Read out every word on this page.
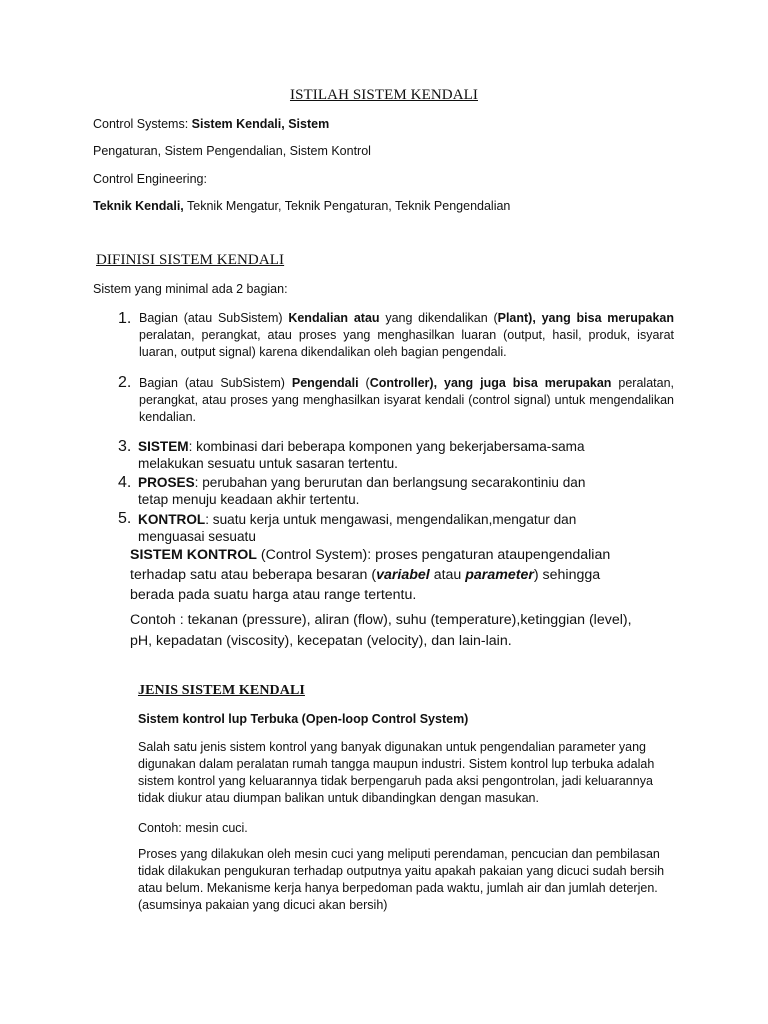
ISTILAH SISTEM KENDALI
Control Systems: Sistem Kendali, Sistem
Pengaturan, Sistem Pengendalian, Sistem Kontrol
Control Engineering:
Teknik Kendali, Teknik Mengatur, Teknik Pengaturan, Teknik Pengendalian
DIFINISI SISTEM KENDALI
Sistem yang minimal ada 2 bagian:
1. Bagian (atau SubSistem) Kendalian atau yang dikendalikan (Plant), yang bisa merupakan peralatan, perangkat, atau proses yang menghasilkan luaran (output, hasil, produk, isyarat luaran, output signal) karena dikendalikan oleh bagian pengendali.
2. Bagian (atau SubSistem) Pengendali (Controller), yang juga bisa merupakan peralatan, perangkat, atau proses yang menghasilkan isyarat kendali (control signal) untuk mengendalikan kendalian.
3. SISTEM: kombinasi dari beberapa komponen yang bekerjabersama-sama
melakukan sesuatu untuk sasaran tertentu.
4. PROSES: perubahan yang berurutan dan berlangsung secarakontiniu dan
tetap menuju keadaan akhir tertentu.
5. KONTROL: suatu kerja untuk mengawasi, mengendalikan,mengatur dan
menguasai sesuatu
SISTEM KONTROL (Control System): proses pengaturan ataupengendalian
terhadap satu atau beberapa besaran (variabel atau parameter) sehingga
berada pada suatu harga atau range tertentu.
Contoh : tekanan (pressure), aliran (flow), suhu (temperature),ketinggian (level),
pH, kepadatan (viscosity), kecepatan (velocity), dan lain-lain.
JENIS SISTEM KENDALI
Sistem kontrol lup Terbuka (Open-loop Control System)
Salah satu jenis sistem kontrol yang banyak digunakan untuk pengendalian parameter yang digunakan dalam peralatan rumah tangga maupun industri. Sistem kontrol lup terbuka adalah sistem kontrol yang keluarannya tidak berpengaruh pada aksi pengontrolan, jadi keluarannya tidak diukur atau diumpan balikan untuk dibandingkan dengan masukan.
Contoh: mesin cuci.
Proses yang dilakukan oleh mesin cuci yang meliputi perendaman, pencucian dan pembilasan tidak dilakukan pengukuran terhadap outputnya yaitu apakah pakaian yang dicuci sudah bersih atau belum. Mekanisme kerja hanya berpedoman pada waktu, jumlah air dan jumlah deterjen. (asumsinya pakaian yang dicuci akan bersih)
